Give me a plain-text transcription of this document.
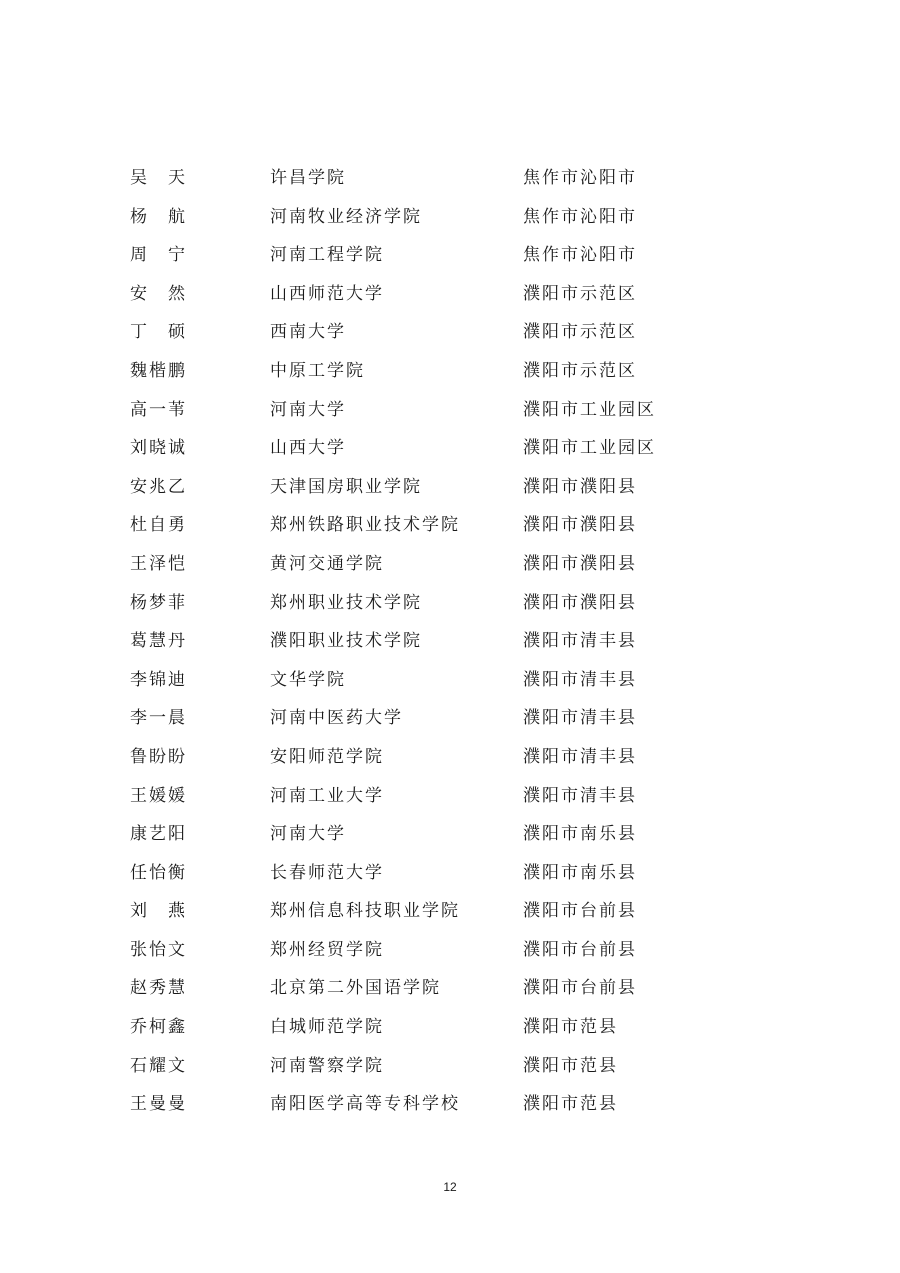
吴　天	许昌学院	焦作市沁阳市
杨　航	河南牧业经济学院	焦作市沁阳市
周　宁	河南工程学院	焦作市沁阳市
安　然	山西师范大学	濮阳市示范区
丁　硕	西南大学	濮阳市示范区
魏楷鹏	中原工学院	濮阳市示范区
高一苇	河南大学	濮阳市工业园区
刘晓诚	山西大学	濮阳市工业园区
安兆乙	天津国房职业学院	濮阳市濮阳县
杜自勇	郑州铁路职业技术学院	濮阳市濮阳县
王泽恺	黄河交通学院	濮阳市濮阳县
杨梦菲	郑州职业技术学院	濮阳市濮阳县
葛慧丹	濮阳职业技术学院	濮阳市清丰县
李锦迪	文华学院	濮阳市清丰县
李一晨	河南中医药大学	濮阳市清丰县
鲁盼盼	安阳师范学院	濮阳市清丰县
王媛媛	河南工业大学	濮阳市清丰县
康艺阳	河南大学	濮阳市南乐县
任怡衡	长春师范大学	濮阳市南乐县
刘　燕	郑州信息科技职业学院	濮阳市台前县
张怡文	郑州经贸学院	濮阳市台前县
赵秀慧	北京第二外国语学院	濮阳市台前县
乔柯鑫	白城师范学院	濮阳市范县
石耀文	河南警察学院	濮阳市范县
王曼曼	南阳医学高等专科学校	濮阳市范县
12
